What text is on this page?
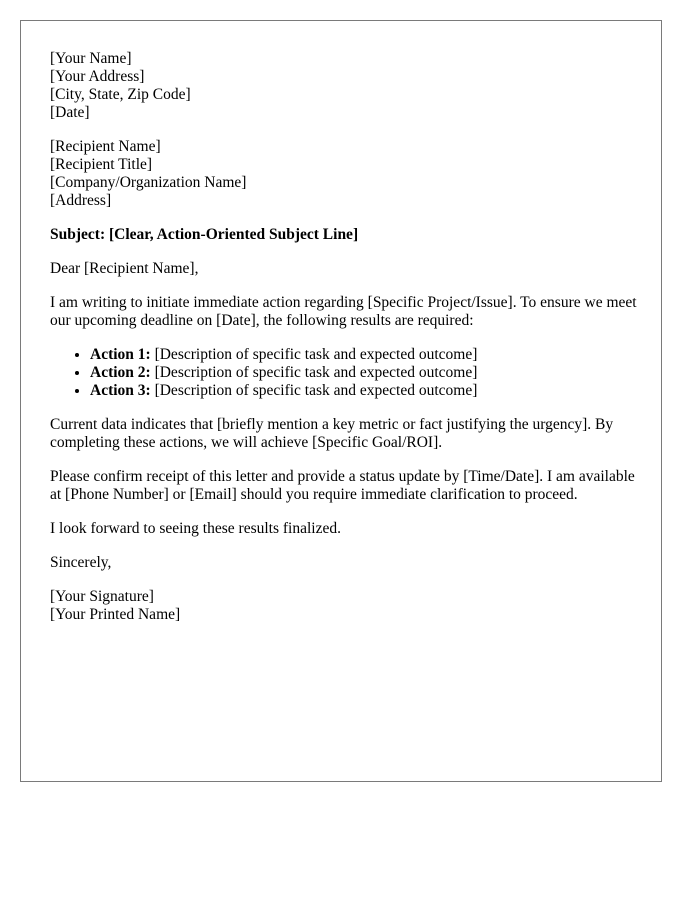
[Your Name]
[Your Address]
[City, State, Zip Code]
[Date]
[Recipient Name]
[Recipient Title]
[Company/Organization Name]
[Address]

Subject: [Clear, Action-Oriented Subject Line]

Dear [Recipient Name],

I am writing to initiate immediate action regarding [Specific Project/Issue]. To ensure we meet our upcoming deadline on [Date], the following results are required:

• Action 1: [Description of specific task and expected outcome]
• Action 2: [Description of specific task and expected outcome]
• Action 3: [Description of specific task and expected outcome]

Current data indicates that [briefly mention a key metric or fact justifying the urgency]. By completing these actions, we will achieve [Specific Goal/ROI].

Please confirm receipt of this letter and provide a status update by [Time/Date]. I am available at [Phone Number] or [Email] should you require immediate clarification to proceed.

I look forward to seeing these results finalized.

Sincerely,

[Your Signature]
[Your Printed Name]
